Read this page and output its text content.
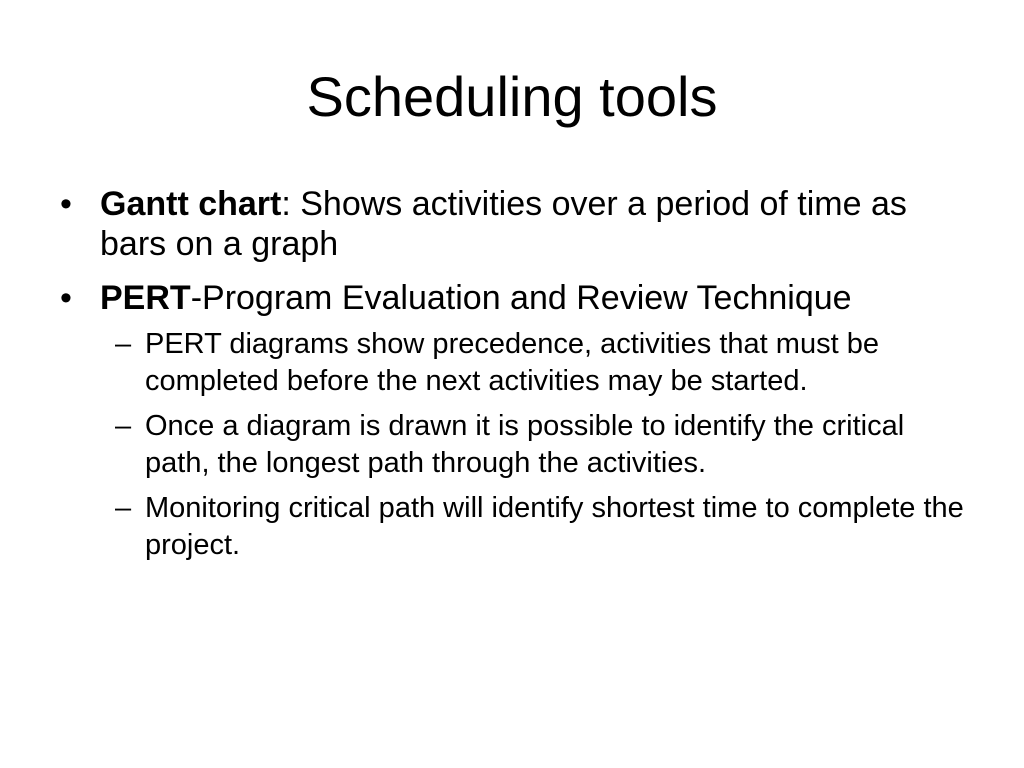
Scheduling tools
• Gantt chart: Shows activities over a period of time as bars on a graph
• PERT-Program Evaluation and Review Technique
– PERT diagrams show precedence, activities that must be completed before the next activities may be started.
– Once a diagram is drawn it is possible to identify the critical path, the longest path through the activities.
– Monitoring critical path will identify shortest time to complete the project.
